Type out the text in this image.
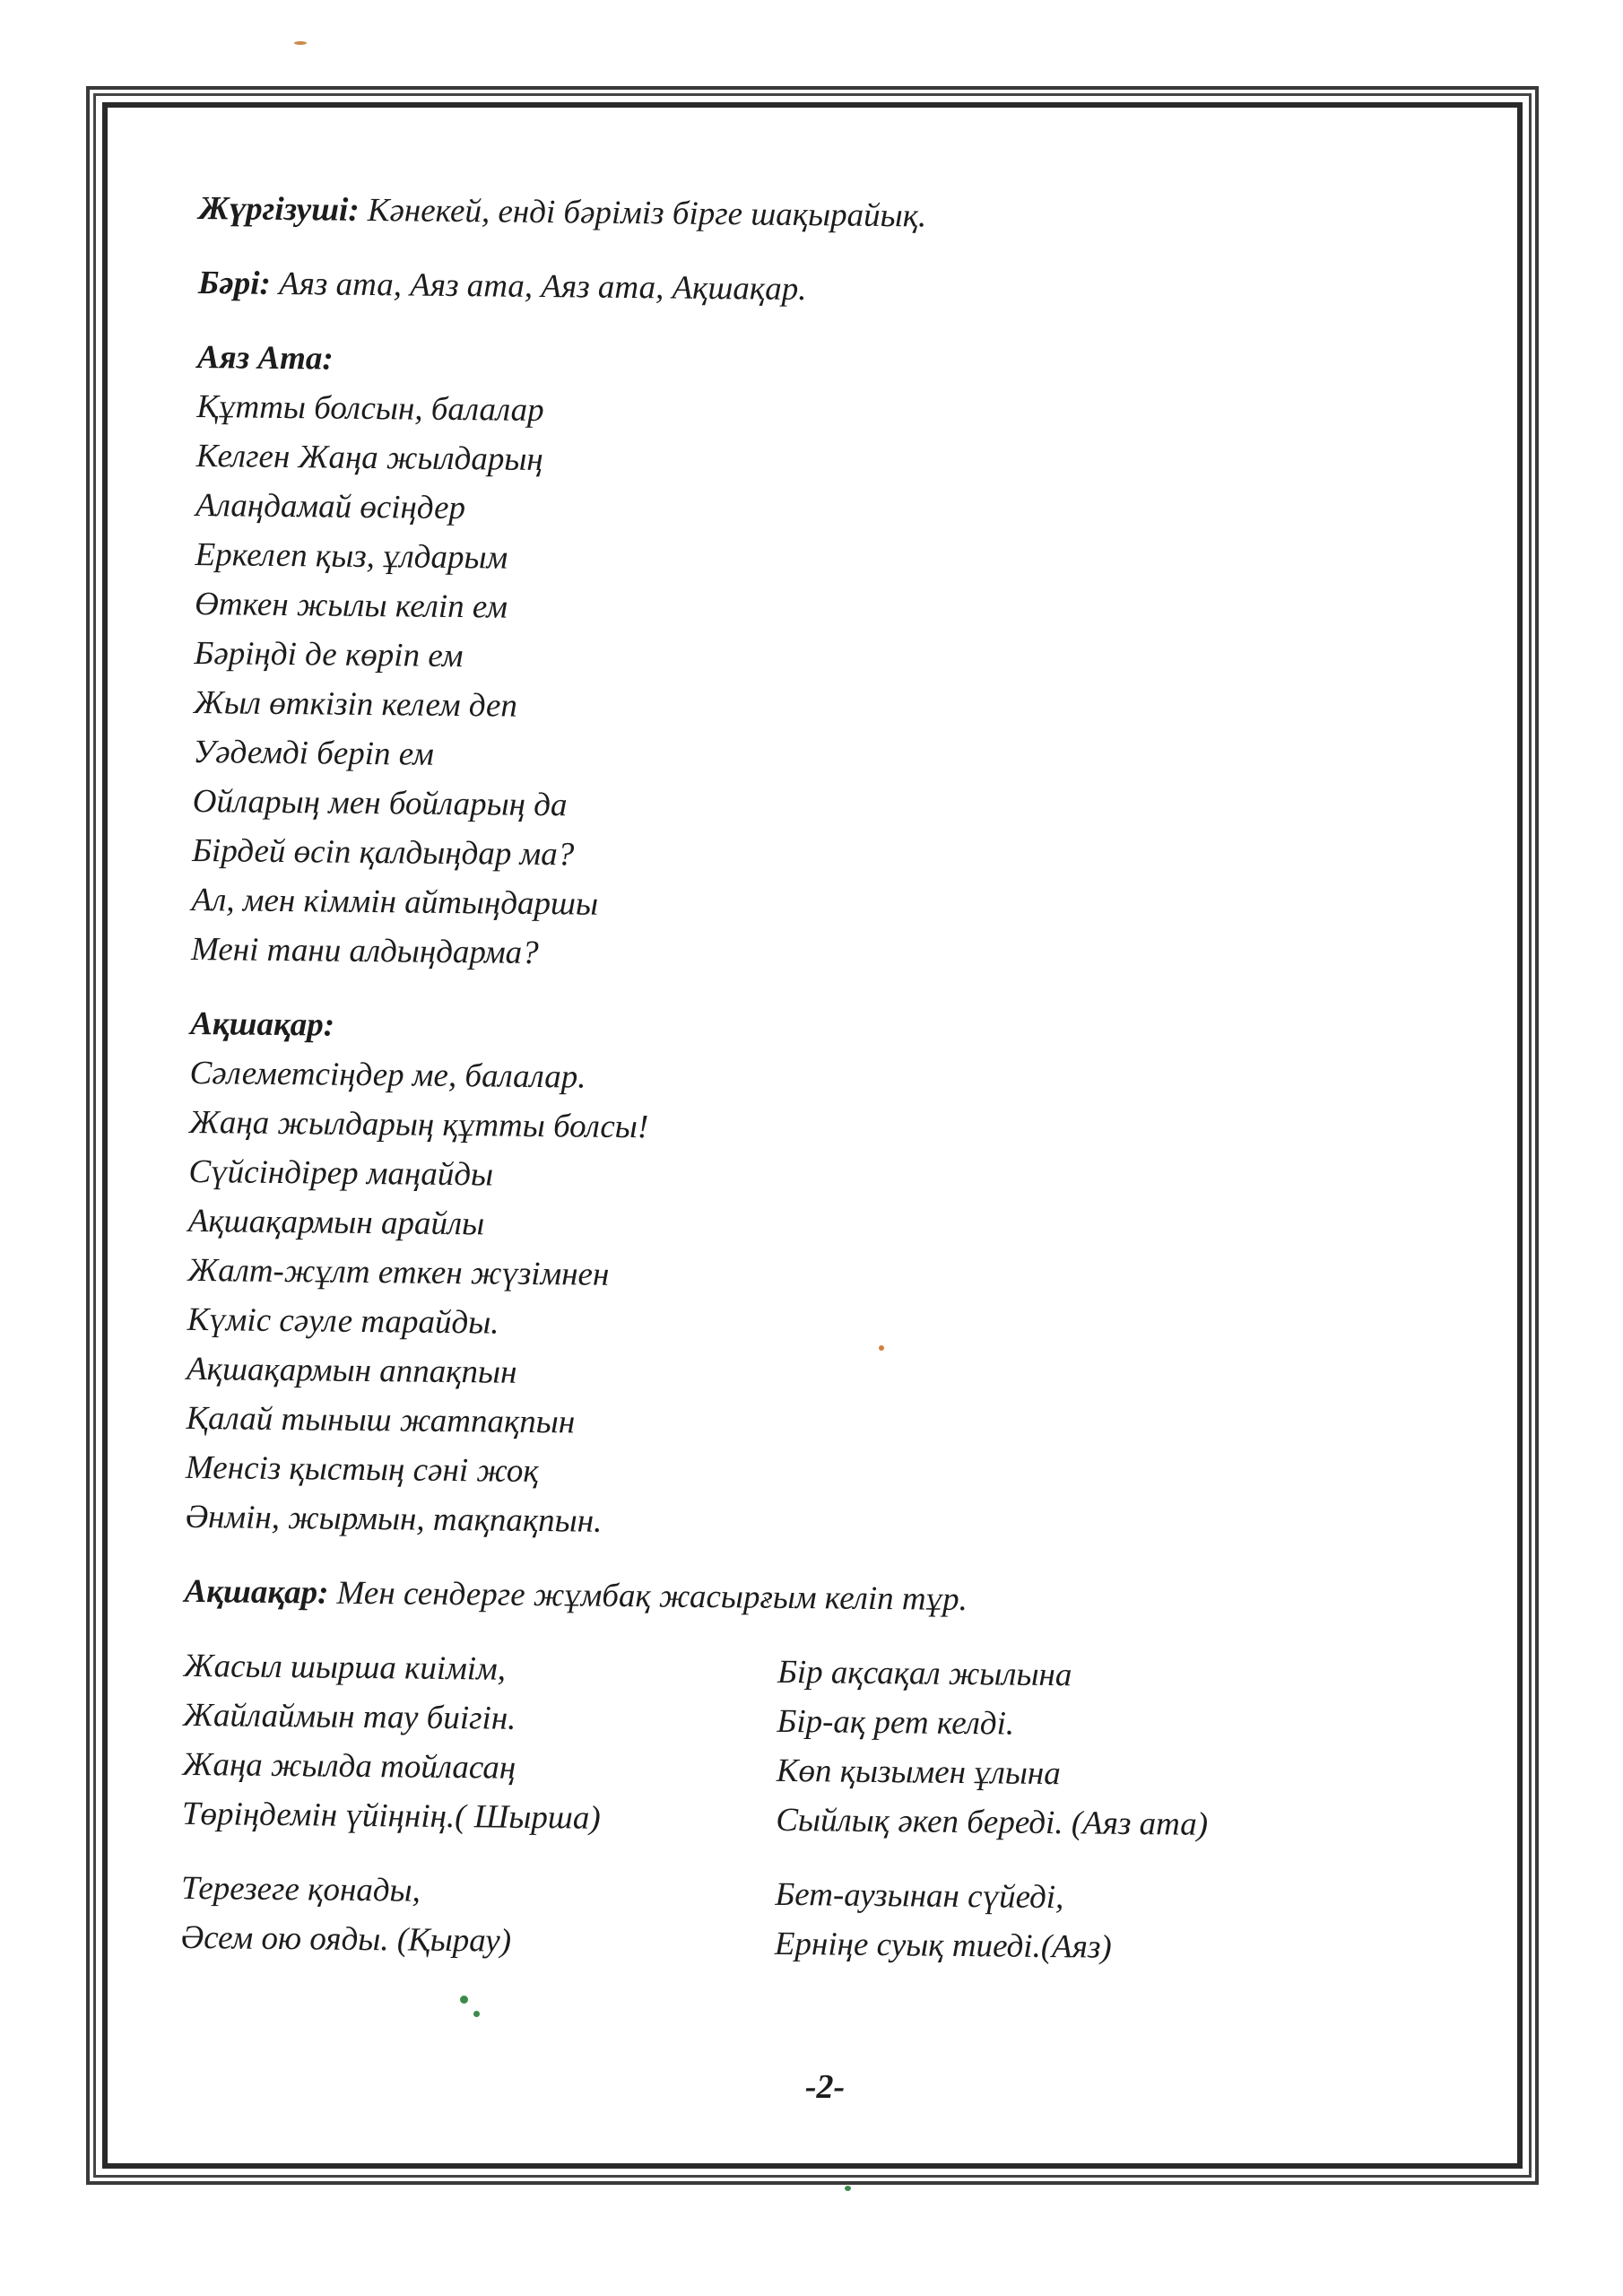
Жүргізуші: Кәнекей, енді бәріміз бірге шақырайық.
Бәрі: Аяз ата, Аяз ата, Аяз ата, Ақшақар.
Аяз Ата:
Құтты болсын, балалар
Келген Жаңа жылдарың
Алаңдамай өсіңдер
Еркелеп қыз, ұлдарым
Өткен жылы келіп ем
Бәріңді де көріп ем
Жыл өткізіп келем деп
Уәдемді беріп ем
Ойларың мен бойларың да
Бірдей өсіп қалдыңдар ма?
Ал, мен кіммін айтыңдаршы
Мені тани алдыңдарма?
Ақшақар:
Сәлеметсіңдер ме, балалар.
Жаңа жылдарың құтты болсы!
Сүйсіндірер маңайды
Ақшақармын арайлы
Жалт-жұлт еткен жүзімнен
Күміс сәуле тарайды.
Ақшақармын аппақпын
Қалай тыныш жатпақпын
Менсіз қыстың сәні жоқ
Әнмін, жырмын, тақпақпын.
Ақшақар: Мен сендерге жұмбақ жасырғым келіп тұр.
Жасыл шырша киімім,
Жайлаймын тау биігін.
Жаңа жылда тойласаң
Төріңдемін үйіңнің.( Шырша)
Терезеге қонады,
Әсем ою ояды. (Қырау)
Бір ақсақал жылына
Бір-ақ рет келді.
Көп қызымен ұлына
Сыйлық әкеп береді. (Аяз ата)
Бет-аузынан сүйеді,
Ерніңе суық тиеді.(Аяз)
-2-
